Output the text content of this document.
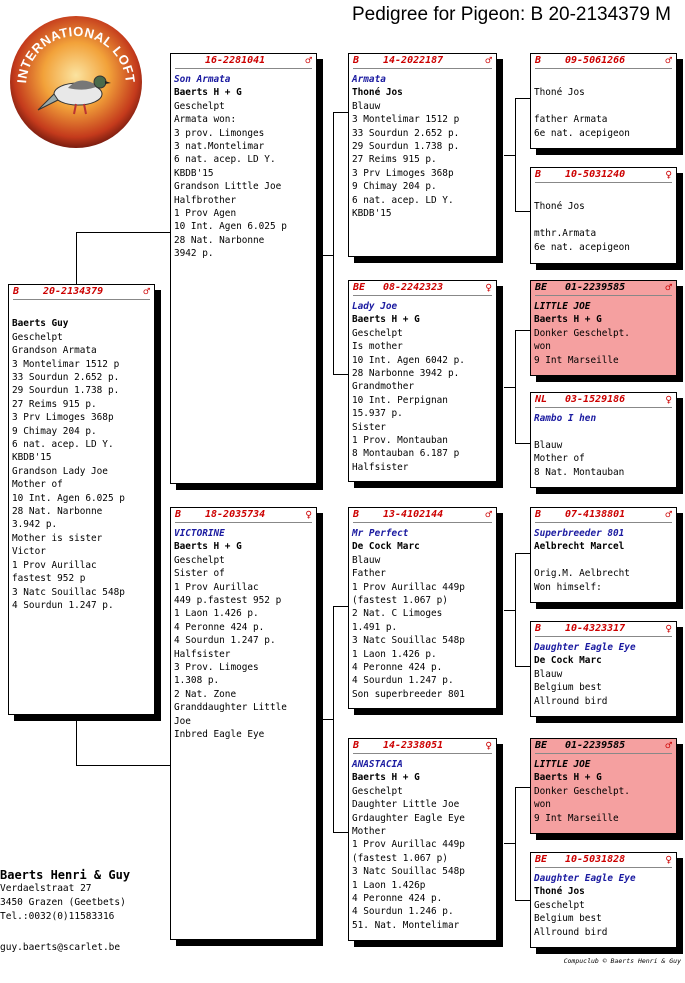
Pedigree for Pigeon: B 20-2134379 M
INTERNATIONAL LOFT
B 20-2134379	♂
Baerts Guy
Geschelpt
Grandson Armata
3 Montelimar 1512 p
33 Sourdun 2.652 p.
29 Sourdun 1.738 p.
27 Reims 915 p.
3 Prv Limoges 368p
9 Chimay 204 p.
6 nat. acep. LD Y.
KBDB'15
Grandson Lady Joe
Mother of
10 Int. Agen 6.025 p
28 Nat. Narbonne
3.942 p.
Mother is sister
Victor
1 Prov Aurillac
fastest 952 p
3 Natc Souillac 548p
4 Sourdun 1.247 p.
16-2281041	♂
Son Armata
Baerts H + G
Geschelpt
Armata won:
3 prov. Limonges
3 nat.Montelimar
6 nat. acep. LD Y.
KBDB'15
Grandson Little Joe
Halfbrother
1 Prov Agen
10 Int. Agen 6.025 p
28 Nat. Narbonne
3942 p.
B 18-2035734	♀
VICTORINE
Baerts H + G
Geschelpt
Sister of
1 Prov Aurillac
449 p.fastest 952 p
1 Laon 1.426 p.
4 Peronne 424 p.
4 Sourdun 1.247 p.
Halfsister
3 Prov. Limoges
1.308 p.
2 Nat. Zone
Granddaughter Little
Joe
Inbred Eagle Eye
B 14-2022187	♂
Armata
Thoné Jos
Blauw
3 Montelimar 1512 p
33 Sourdun 2.652 p.
29 Sourdun 1.738 p.
27 Reims 915 p.
3 Prv Limoges 368p
9 Chimay 204 p.
6 nat. acep. LD Y.
KBDB'15
BE 08-2242323	♀
Lady Joe
Baerts H + G
Geschelpt
Is mother
10 Int. Agen 6042 p.
28 Narbonne 3942 p.
Grandmother
10 Int. Perpignan
15.937 p.
Sister
1 Prov. Montauban
8 Montauban 6.187 p
Halfsister
B 13-4102144	♂
Mr Perfect
De Cock Marc
Blauw
Father
1 Prov Aurillac 449p
(fastest 1.067 p)
2 Nat. C Limoges
1.491 p.
3 Natc Souillac 548p
1 Laon 1.426 p.
4 Peronne 424 p.
4 Sourdun 1.247 p.
Son superbreeder 801
B 14-2338051	♀
ANASTACIA
Baerts H + G
Geschelpt
Daughter Little Joe
Grdaughter Eagle Eye
Mother
1 Prov Aurillac 449p
(fastest 1.067 p)
3 Natc Souillac 548p
1 Laon 1.426p
4 Peronne 424 p.
4 Sourdun 1.246 p.
51. Nat. Montelimar
B 09-5061266	♂
Thoné Jos
father Armata
6e nat. acepigeon
B 10-5031240	♀
Thoné Jos
mthr.Armata
6e nat. acepigeon
BE 01-2239585	♂
LITTLE JOE
Baerts H + G
Donker Geschelpt.
won
9 Int Marseille
NL 03-1529186	♀
Rambo I hen
Blauw
Mother of
8 Nat. Montauban
B 07-4138801	♂
Superbreeder 801
Aelbrecht Marcel
Orig.M. Aelbrecht
Won himself:
B 10-4323317	♀
Daughter Eagle Eye
De Cock Marc
Blauw
Belgium best
Allround bird
BE 01-2239585	♂
LITTLE JOE
Baerts H + G
Donker Geschelpt.
won
9 Int Marseille
BE 10-5031828	♀
Daughter Eagle Eye
Thoné Jos
Geschelpt
Belgium best
Allround bird
Baerts Henri & Guy
Verdaelstraat 27
3450 Grazen (Geetbets)
Tel.:0032(0)11583316
guy.baerts@scarlet.be
Compuclub © Baerts Henri & Guy
